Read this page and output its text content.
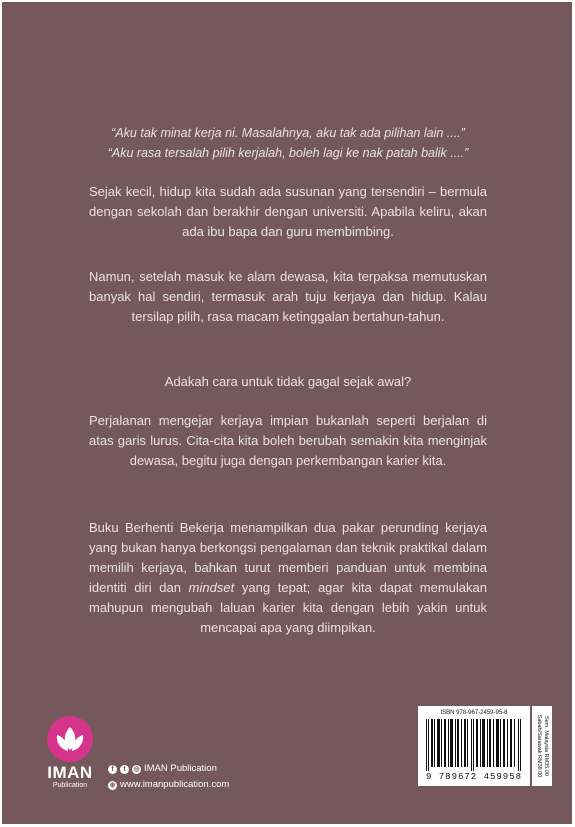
“Aku tak minat kerja ni. Masalahnya, aku tak ada pilihan lain ....”
“Aku rasa tersalah pilih kerjalah, boleh lagi ke nak patah balik ....”

Sejak kecil, hidup kita sudah ada susunan yang tersendiri – bermula dengan sekolah dan berakhir dengan universiti. Apabila keliru, akan ada ibu bapa dan guru membimbing.

Namun, setelah masuk ke alam dewasa, kita terpaksa memutuskan banyak hal sendiri, termasuk arah tuju kerjaya dan hidup. Kalau tersilap pilih, rasa macam ketinggalan bertahun-tahun.

Adakah cara untuk tidak gagal sejak awal?

Perjalanan mengejar kerjaya impian bukanlah seperti berjalan di atas garis lurus. Cita-cita kita boleh berubah semakin kita menginjak dewasa, begitu juga dengan perkembangan karier kita.

Buku Berhenti Bekerja menampilkan dua pakar perunding kerjaya yang bukan hanya berkongsi pengalaman dan teknik praktikal dalam memilih kerjaya, bahkan turut memberi panduan untuk membina identiti diri dan mindset yang tepat; agar kita dapat memulakan mahupun mengubah laluan karier kita dengan lebih yakin untuk mencapai apa yang diimpikan.

IMAN
Publication
f	t	◎ IMAN Publication
⊕ www.imanpublication.com
ISBN 978-967-2459-95-8
9 789672 459958
Sem. Malaysia RM35.00
Sabah/Sarawak RM38.00
